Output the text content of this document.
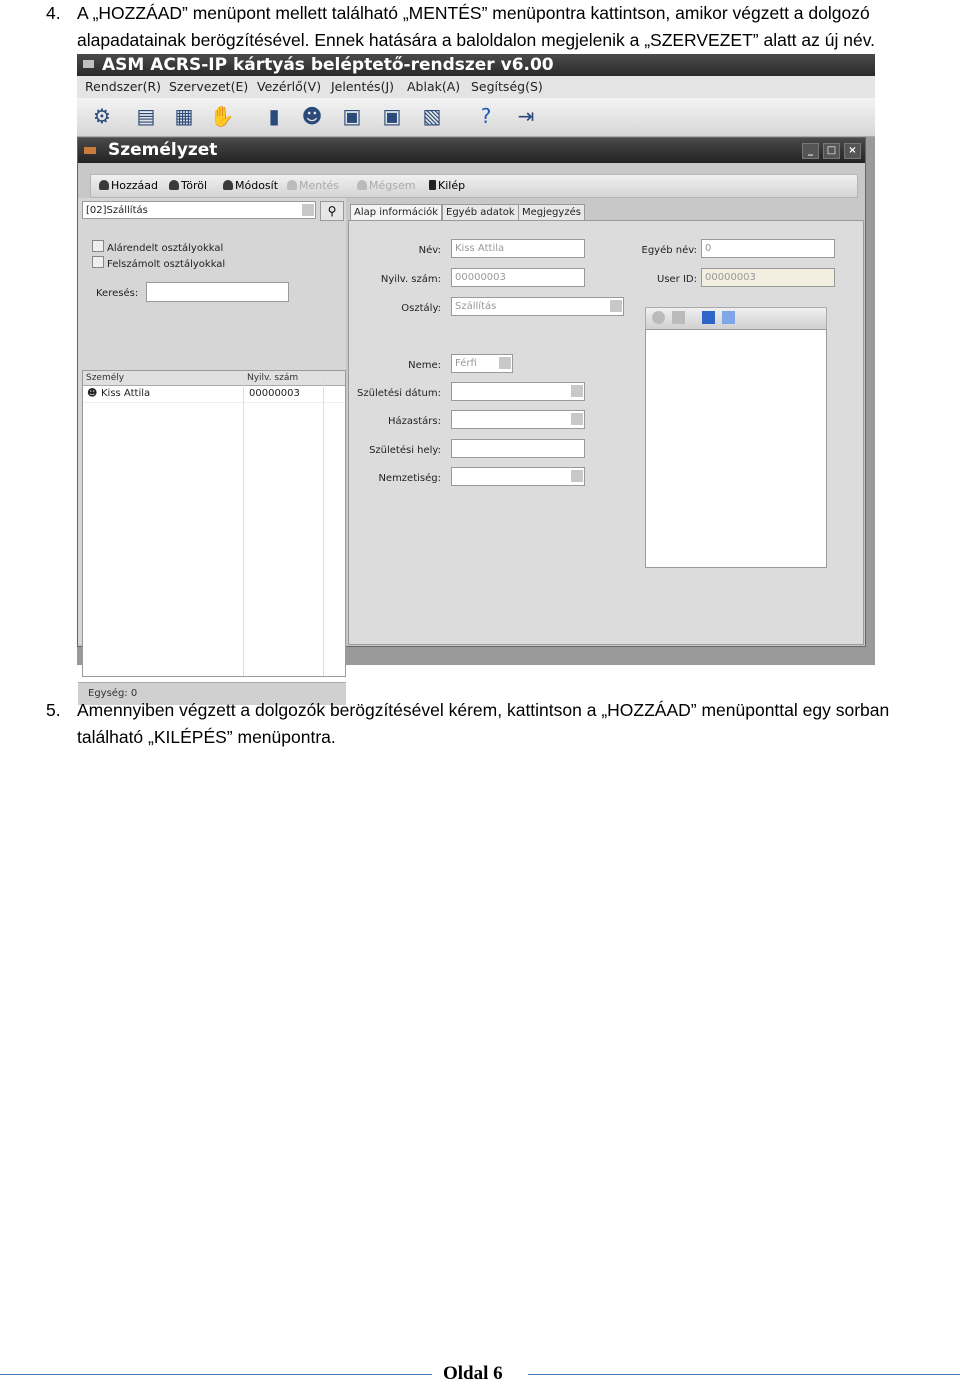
4. A „HOZZÁAD” menüpont mellett található „MENTÉS” menüpontra kattintson, amikor végzett a dolgozó
alapadatainak berögzítésével. Ennek hatására a baloldalon megjelenik a „SZERVEZET” alatt az új név.
ASM ACRS-IP kártyás beléptető-rendszer v6.00
Rendszer(R) Szervezet(E) Vezérlő(V) Jelentés(J) Ablak(A) Segítség(S)
⚙ ▤ ▦ ✋	▮	☻ ▣ ▣ ▧	?	⇥
Személyzet	_	□	×
Hozzáad	Töröl	Módosít	Mentés	Mégsem	Kilép
[02]Szállítás	⚲
Alárendelt osztályokkal
Felszámolt osztályokkal
Keresés:
Személy	Nyilv. szám
☻ Kiss Attila	00000003
Egység: 0
Alap információk Egyéb adatok Megjegyzés
Név:	Kiss Attila
Nyilv. szám:	00000003
Osztály:	Szállítás
Neme:	Férfi
Születési dátum:
Házastárs:
Születési hely:
Nemzetiség:
Egyéb név: 0
User ID: 00000003
5. Amennyiben végzett a dolgozók berögzítésével kérem, kattintson a „HOZZÁAD” menüponttal egy sorban
található „KILÉPÉS” menüpontra.
Oldal 6
